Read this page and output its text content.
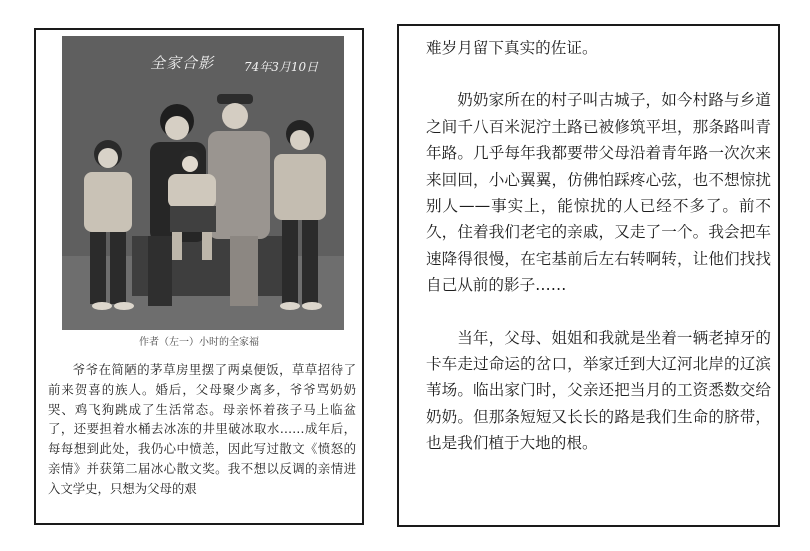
全家合影 74年3月10日
作者（左一）小时的全家福

爷爷在简陋的茅草房里摆了两桌便饭，草草招待了前来贺喜的族人。婚后，父母聚少离多，爷爷骂奶奶哭、鸡飞狗跳成了生活常态。母亲怀着孩子马上临盆了，还要担着水桶去冰冻的井里破冰取水……成年后，每每想到此处，我仍心中愤恙，因此写过散文《愤怒的亲情》并获第二届冰心散文奖。我不想以反调的亲情进入文学史，只想为父母的艰

难岁月留下真实的佐证。

奶奶家所在的村子叫古城子，如今村路与乡道之间千八百米泥泞土路已被修筑平坦，那条路叫青年路。几乎每年我都要带父母沿着青年路一次次来来回回，小心翼翼，仿佛怕踩疼心弦，也不想惊扰别人——事实上，能惊扰的人已经不多了。前不久，住着我们老宅的亲戚，又走了一个。我会把车速降得很慢，在宅基前后左右转啊转，让他们找找自己从前的影子……

当年，父母、姐姐和我就是坐着一辆老掉牙的卡车走过命运的岔口，举家迁到大辽河北岸的辽滨苇场。临出家门时，父亲还把当月的工资悉数交给奶奶。但那条短短又长长的路是我们生命的脐带，也是我们植于大地的根。
